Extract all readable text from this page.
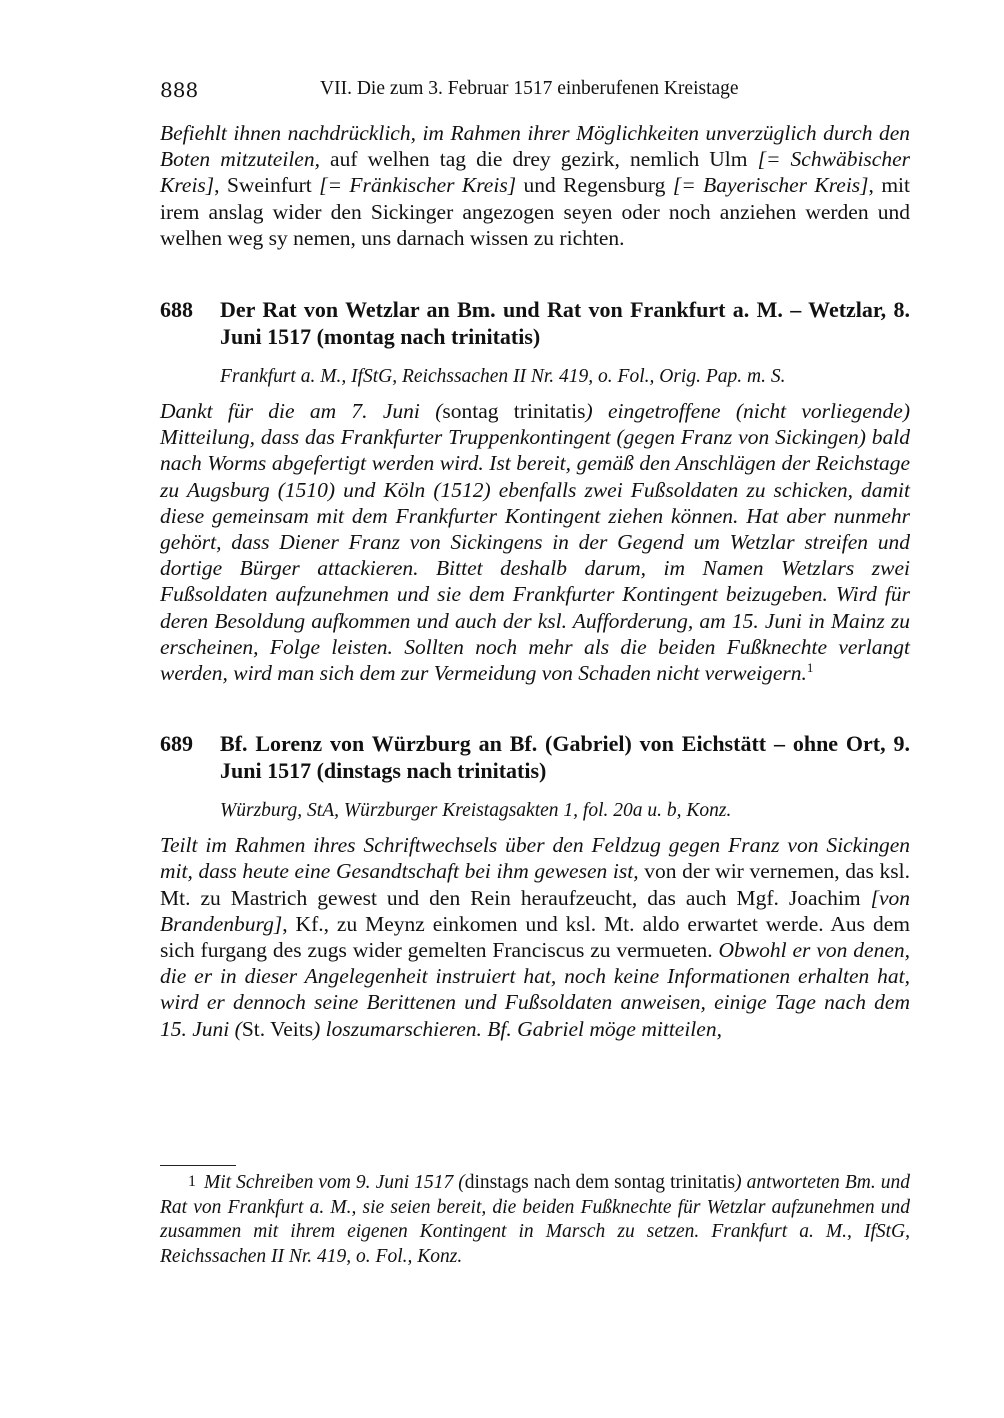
888	VII. Die zum 3. Februar 1517 einberufenen Kreistage

Befiehlt ihnen nachdrücklich, im Rahmen ihrer Möglichkeiten unverzüglich durch den Boten mitzuteilen, auf welhen tag die drey gezirk, nemlich Ulm [= Schwäbischer Kreis], Sweinfurt [= Fränkischer Kreis] und Regensburg [= Bayerischer Kreis], mit irem anslag wider den Sickinger angezogen seyen oder noch anziehen werden und welhen weg sy nemen, uns darnach wissen zu richten.

688	Der Rat von Wetzlar an Bm. und Rat von Frankfurt a. M. – Wetzlar, 8. Juni 1517 (montag nach trinitatis)

Frankfurt a. M., IfStG, Reichssachen II Nr. 419, o. Fol., Orig. Pap. m. S.

Dankt für die am 7. Juni (sontag trinitatis) eingetroffene (nicht vorliegende) Mitteilung, dass das Frankfurter Truppenkontingent (gegen Franz von Sickingen) bald nach Worms abgefertigt werden wird. Ist bereit, gemäß den Anschlägen der Reichstage zu Augsburg (1510) und Köln (1512) ebenfalls zwei Fußsoldaten zu schicken, damit diese gemeinsam mit dem Frankfurter Kontingent ziehen können. Hat aber nunmehr gehört, dass Diener Franz von Sickingens in der Gegend um Wetzlar streifen und dortige Bürger attackieren. Bittet deshalb darum, im Namen Wetzlars zwei Fußsoldaten aufzunehmen und sie dem Frankfurter Kontingent beizugeben. Wird für deren Besoldung aufkommen und auch der ksl. Aufforderung, am 15. Juni in Mainz zu erscheinen, Folge leisten. Sollten noch mehr als die beiden Fußknechte verlangt werden, wird man sich dem zur Vermeidung von Schaden nicht verweigern.$^1$

689	Bf. Lorenz von Würzburg an Bf. (Gabriel) von Eichstätt – ohne Ort, 9. Juni 1517 (dinstags nach trinitatis)

Würzburg, StA, Würzburger Kreistagsakten 1, fol. 20a u. b, Konz.

Teilt im Rahmen ihres Schriftwechsels über den Feldzug gegen Franz von Sickingen mit, dass heute eine Gesandtschaft bei ihm gewesen ist, von der wir vernemen, das ksl. Mt. zu Mastrich gewest und den Rein heraufzeucht, das auch Mgf. Joachim [von Brandenburg], Kf., zu Meynz einkomen und ksl. Mt. aldo erwartet werde. Aus dem sich furgang des zugs wider gemelten Franciscus zu vermueten. Obwohl er von denen, die er in dieser Angelegenheit instruiert hat, noch keine Informationen erhalten hat, wird er dennoch seine Berittenen und Fußsoldaten anweisen, einige Tage nach dem 15. Juni (St. Veits) loszumarschieren. Bf. Gabriel möge mitteilen,

1 Mit Schreiben vom 9. Juni 1517 (dinstags nach dem sontag trinitatis) antworteten Bm. und Rat von Frankfurt a. M., sie seien bereit, die beiden Fußknechte für Wetzlar aufzunehmen und zusammen mit ihrem eigenen Kontingent in Marsch zu setzen. Frankfurt a. M., IfStG, Reichssachen II Nr. 419, o. Fol., Konz.
